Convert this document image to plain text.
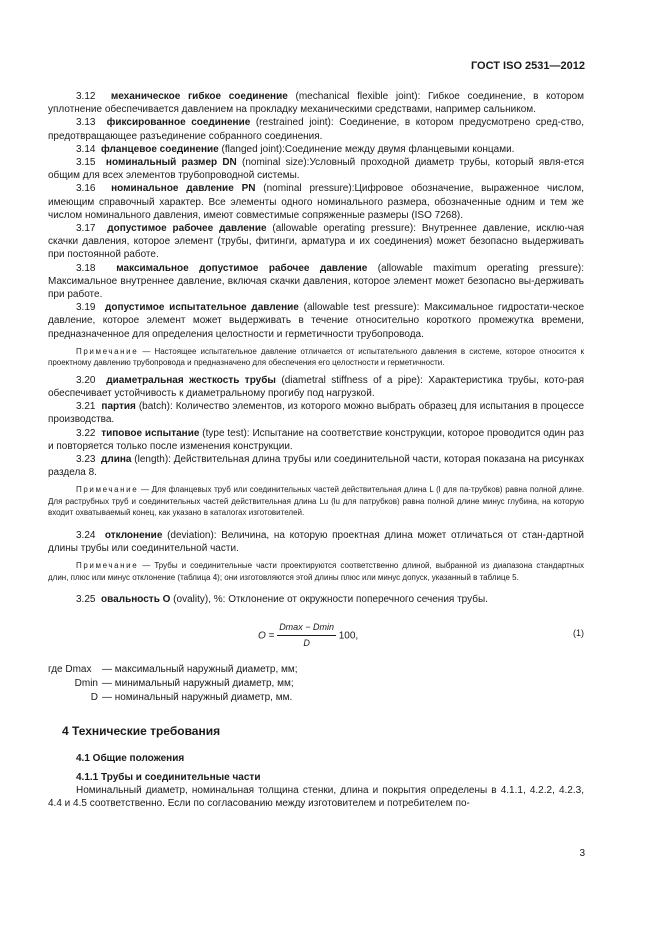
ГОСТ ISO 2531—2012

3.12 механическое гибкое соединение (mechanical flexible joint): Гибкое соединение, в котором уплотнение обеспечивается давлением на прокладку механическими средствами, например сальником.

3.13 фиксированное соединение (restrained joint): Соединение, в котором предусмотрено сред-ство, предотвращающее разъединение собранного соединения.

3.14 фланцевое соединение (flanged joint):Соединение между двумя фланцевыми концами.

3.15 номинальный размер DN (nominal size):Условный проходной диаметр трубы, который явля-ется общим для всех элементов трубопроводной системы.

3.16 номинальное давление PN (nominal pressure):Цифровое обозначение, выраженное числом, имеющим справочный характер. Все элементы одного номинального размера, обозначенные одним и тем же числом номинального давления, имеют совместимые сопряженные размеры (ISO 7268).

3.17 допустимое рабочее давление (allowable operating pressure): Внутреннее давление, исклю-чая скачки давления, которое элемент (трубы, фитинги, арматура и их соединения) может безопасно выдерживать при постоянной работе.

3.18 максимальное допустимое рабочее давление (allowable maximum operating pressure): Максимальное внутреннее давление, включая скачки давления, которое элемент может безопасно вы-держивать при работе.

3.19 допустимое испытательное давление (allowable test pressure): Максимальное гидростати-ческое давление, которое элемент может выдерживать в течение относительно короткого промежутка времени, предназначенное для определения целостности и герметичности трубопровода.

Примечание — Настоящее испытательное давление отличается от испытательного давления в системе, которое относится к проектному давлению трубопровода и предназначено для обеспечения его целостности и герметичности.

3.20 диаметральная жесткость трубы (diametral stiffness of a pipe): Характеристика трубы, кото-рая обеспечивает устойчивость к диаметральному прогибу под нагрузкой.

3.21 партия (batch): Количество элементов, из которого можно выбрать образец для испытания в процессе производства.

3.22 типовое испытание (type test): Испытание на соответствие конструкции, которое проводится один раз и повторяется только после изменения конструкции.

3.23 длина (length): Действительная длина трубы или соединительной части, которая показана на рисунках раздела 8.

Примечание — Для фланцевых труб или соединительных частей действительная длина L (l для па-трубков) равна полной длине. Для раструбных труб и соединительных частей действительная длина Lu (lu для патрубков) равна полной длине минус глубина, на которую входит охватываемый конец, как указано в каталогах изготовителей.

3.24 отклонение (deviation): Величина, на которую проектная длина может отличаться от стан-дартной длины трубы или соединительной части.

Примечание — Трубы и соединительные части проектируются соответственно длиной, выбранной из диапазона стандартных длин, плюс или минус отклонение (таблица 4); они изготовляются этой длины плюс или минус допуск, указанный в таблице 5.

3.25 овальность O (ovality), %: Отклонение от окружности поперечного сечения трубы.

$O = \frac{Dmax - Dmin}{D} 100$,	(1)
где Dmax	— максимальный наружный диаметр, мм;
Dmin — минимальный наружный диаметр, мм;
D — номинальный наружный диаметр, мм.
4 Технические требования
4.1 Общие положения
4.1.1 Трубы и соединительные части

Номинальный диаметр, номинальная толщина стенки, длина и покрытия определены в 4.1.1, 4.2.2, 4.2.3, 4.4 и 4.5 соответственно. Если по согласованию между изготовителем и потребителем по-

3
